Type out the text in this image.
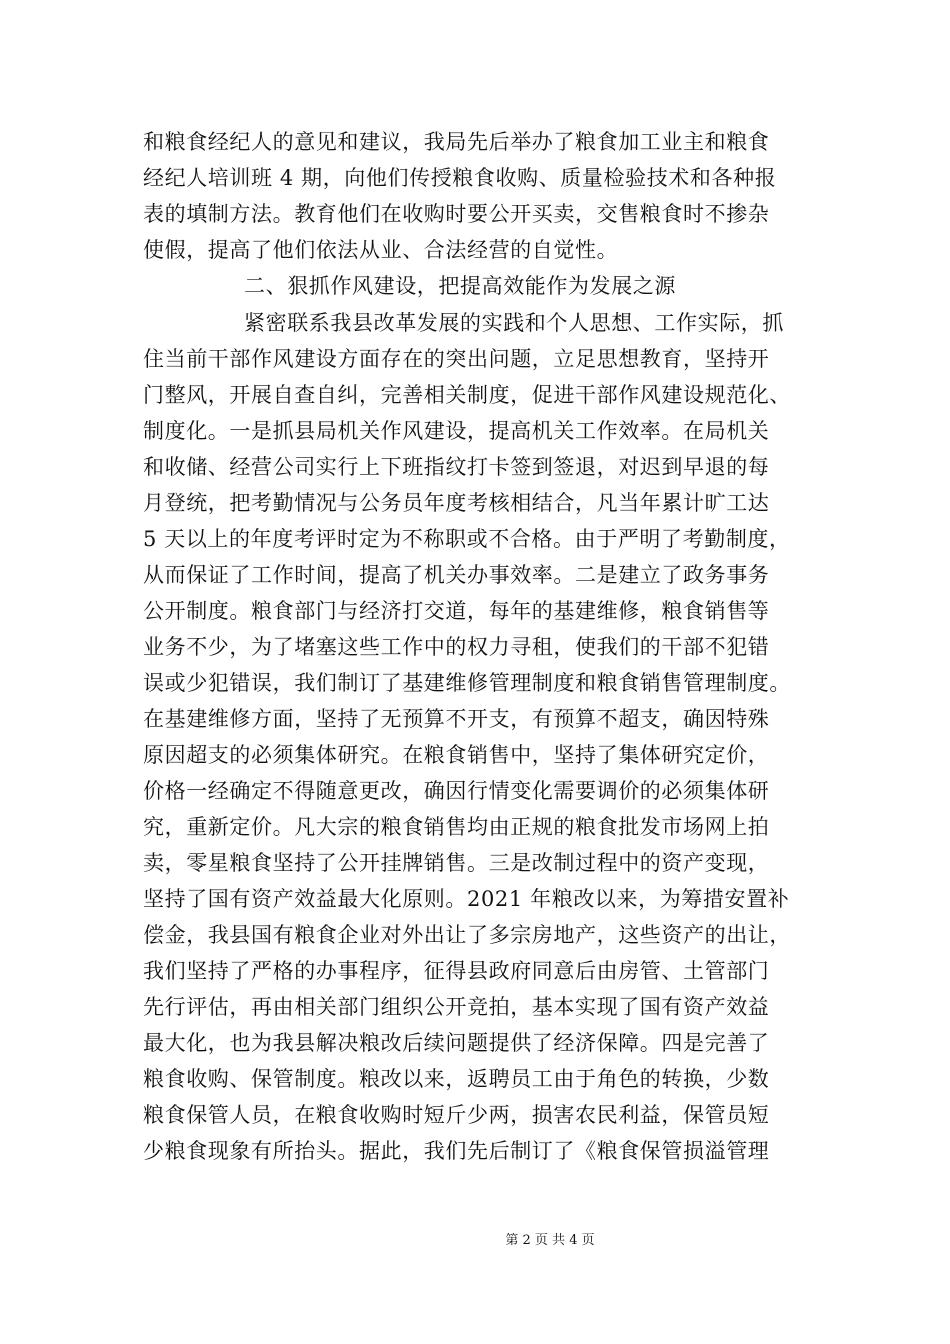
和粮食经纪人的意见和建议，我局先后举办了粮食加工业主和粮食
经纪人培训班 4 期，向他们传授粮食收购、质量检验技术和各种报
表的填制方法。教育他们在收购时要公开买卖，交售粮食时不掺杂
使假，提高了他们依法从业、合法经营的自觉性。
二、狠抓作风建设，把提高效能作为发展之源
紧密联系我县改革发展的实践和个人思想、工作实际，抓
住当前干部作风建设方面存在的突出问题，立足思想教育，坚持开
门整风，开展自查自纠，完善相关制度，促进干部作风建设规范化、
制度化。一是抓县局机关作风建设，提高机关工作效率。在局机关
和收储、经营公司实行上下班指纹打卡签到签退，对迟到早退的每
月登统，把考勤情况与公务员年度考核相结合，凡当年累计旷工达
5 天以上的年度考评时定为不称职或不合格。由于严明了考勤制度，
从而保证了工作时间，提高了机关办事效率。二是建立了政务事务
公开制度。粮食部门与经济打交道，每年的基建维修，粮食销售等
业务不少，为了堵塞这些工作中的权力寻租，使我们的干部不犯错
误或少犯错误，我们制订了基建维修管理制度和粮食销售管理制度。
在基建维修方面，坚持了无预算不开支，有预算不超支，确因特殊
原因超支的必须集体研究。在粮食销售中，坚持了集体研究定价，
价格一经确定不得随意更改，确因行情变化需要调价的必须集体研
究，重新定价。凡大宗的粮食销售均由正规的粮食批发市场网上拍
卖，零星粮食坚持了公开挂牌销售。三是改制过程中的资产变现，
坚持了国有资产效益最大化原则。2021 年粮改以来，为筹措安置补
偿金，我县国有粮食企业对外出让了多宗房地产，这些资产的出让，
我们坚持了严格的办事程序，征得县政府同意后由房管、土管部门
先行评估，再由相关部门组织公开竞拍，基本实现了国有资产效益
最大化，也为我县解决粮改后续问题提供了经济保障。四是完善了
粮食收购、保管制度。粮改以来，返聘员工由于角色的转换，少数
粮食保管人员，在粮食收购时短斤少两，损害农民利益，保管员短
少粮食现象有所抬头。据此，我们先后制订了《粮食保管损溢管理
第 2 页 共 4 页
